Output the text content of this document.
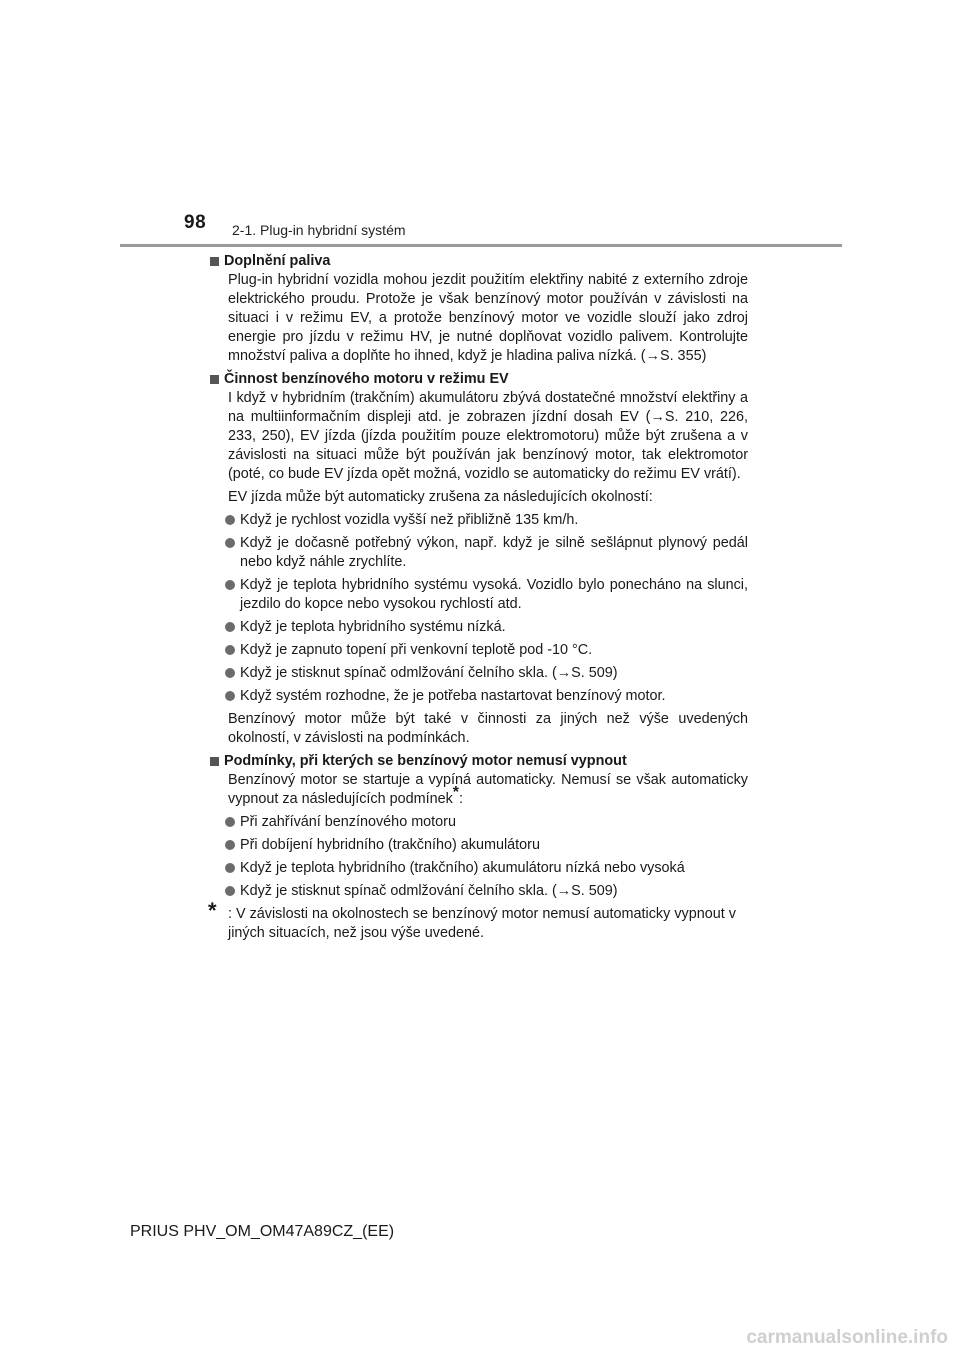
98 2-1. Plug-in hybridní systém
Doplnění paliva

Plug-in hybridní vozidla mohou jezdit použitím elektřiny nabité z externího zdroje elektrického proudu. Protože je však benzínový motor používán v závislosti na situaci i v režimu EV, a protože benzínový motor ve vozidle slouží jako zdroj energie pro jízdu v režimu HV, je nutné doplňovat vozidlo palivem. Kontrolujte množství paliva a doplňte ho ihned, když je hladina paliva nízká. (→S. 355)

Činnost benzínového motoru v režimu EV

I když v hybridním (trakčním) akumulátoru zbývá dostatečné množství elektřiny a na multiinformačním displeji atd. je zobrazen jízdní dosah EV (→S. 210, 226, 233, 250), EV jízda (jízda použitím pouze elektromotoru) může být zrušena a v závislosti na situaci může být používán jak benzínový motor, tak elektromotor (poté, co bude EV jízda opět možná, vozidlo se automaticky do režimu EV vrátí).

EV jízda může být automaticky zrušena za následujících okolností:

Když je rychlost vozidla vyšší než přibližně 135 km/h.
Když je dočasně potřebný výkon, např. když je silně sešlápnut plynový pedál nebo když náhle zrychlíte.
Když je teplota hybridního systému vysoká. Vozidlo bylo ponecháno na slunci, jezdilo do kopce nebo vysokou rychlostí atd.
Když je teplota hybridního systému nízká.
Když je zapnuto topení při venkovní teplotě pod -10 °C.
Když je stisknut spínač odmlžování čelního skla. (→S. 509)
Když systém rozhodne, že je potřeba nastartovat benzínový motor.

Benzínový motor může být také v činnosti za jiných než výše uvedených okolností, v závislosti na podmínkách.

Podmínky, při kterých se benzínový motor nemusí vypnout

Benzínový motor se startuje a vypíná automaticky. Nemusí se však automaticky vypnout za následujících podmínek*:

Při zahřívání benzínového motoru
Při dobíjení hybridního (trakčního) akumulátoru
Když je teplota hybridního (trakčního) akumulátoru nízká nebo vysoká
Když je stisknut spínač odmlžování čelního skla. (→S. 509)
* : V závislosti na okolnostech se benzínový motor nemusí automaticky vypnout v jiných situacích, než jsou výše uvedené.
PRIUS PHV_OM_OM47A89CZ_(EE)
carmanualsonline.info
